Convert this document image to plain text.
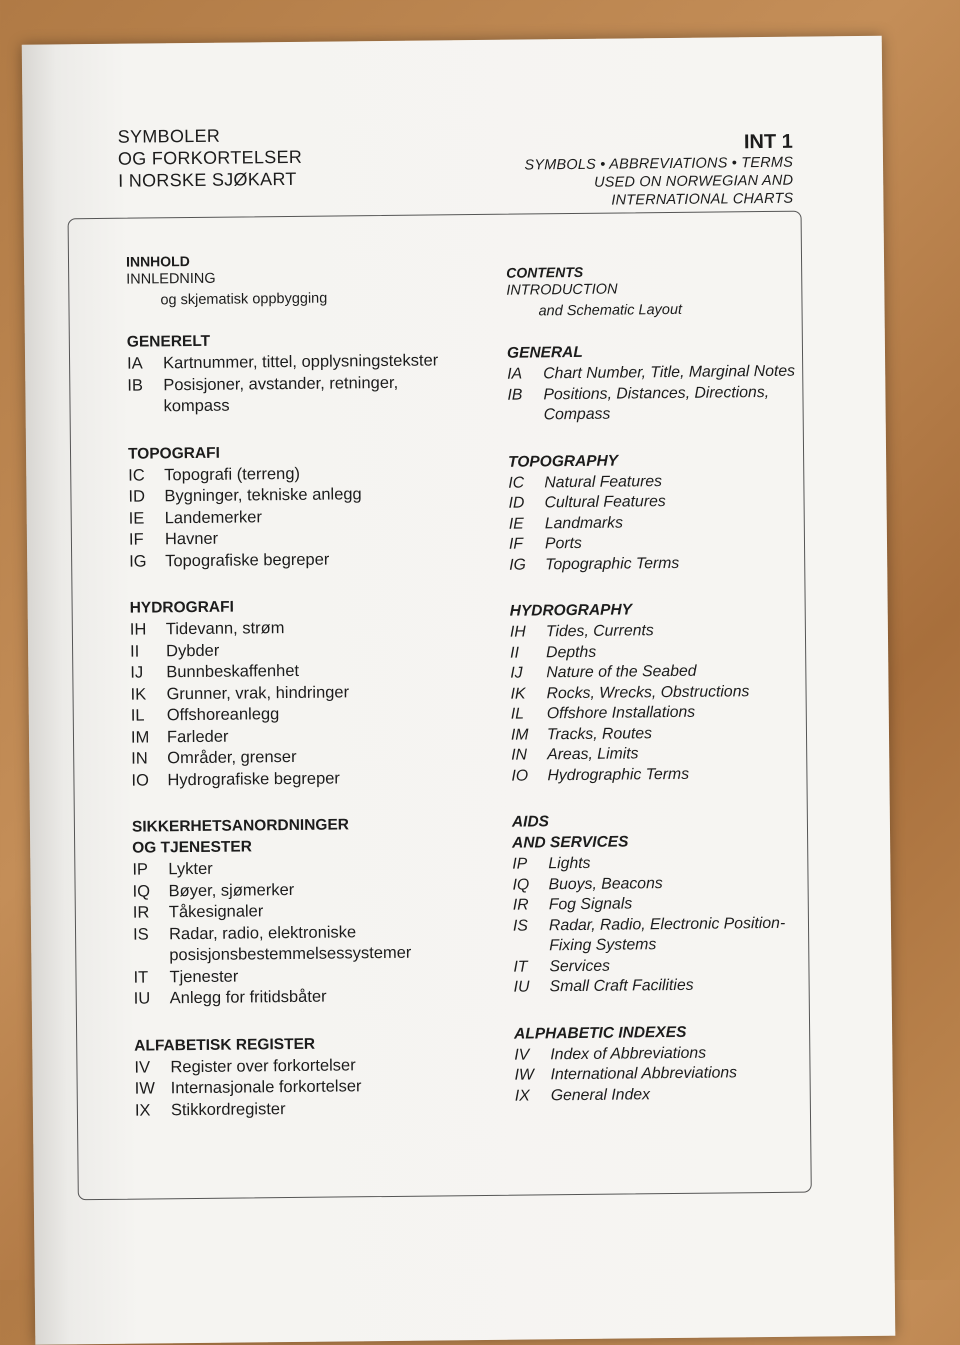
SYMBOLER
OG FORKORTELSER
I NORSKE SJØKART
INT 1
SYMBOLS • ABBREVIATIONS • TERMS
USED ON NORWEGIAN AND
INTERNATIONAL CHARTS
INNHOLD
INNLEDNING
og skjematisk oppbygging
GENERELT
IA	Kartnummer, tittel, opplysningstekster
IB	Posisjoner, avstander, retninger, kompass
TOPOGRAFI
IC	Topografi (terreng)
ID	Bygninger, tekniske anlegg
IE	Landemerker
IF	Havner
IG	Topografiske begreper
HYDROGRAFI
IH	Tidevann, strøm
II	Dybder
IJ	Bunnbeskaffenhet
IK	Grunner, vrak, hindringer
IL	Offshoreanlegg
IM	Farleder
IN	Områder, grenser
IO	Hydrografiske begreper
SIKKERHETSANORDNINGER
OG TJENESTER
IP	Lykter
IQ	Bøyer, sjømerker
IR	Tåkesignaler
IS	Radar, radio, elektroniske posisjonsbestemmelsessystemer
IT	Tjenester
IU	Anlegg for fritidsbåter
ALFABETISK REGISTER
IV	Register over forkortelser
IW Internasjonale forkortelser
IX	Stikkordregister
CONTENTS
INTRODUCTION
and Schematic Layout
GENERAL
IA	Chart Number, Title, Marginal Notes
IB	Positions, Distances, Directions, Compass
TOPOGRAPHY
IC	Natural Features
ID	Cultural Features
IE	Landmarks
IF	Ports
IG	Topographic Terms
HYDROGRAPHY
IH	Tides, Currents
II	Depths
IJ	Nature of the Seabed
IK	Rocks, Wrecks, Obstructions
IL	Offshore Installations
IM	Tracks, Routes
IN	Areas, Limits
IO	Hydrographic Terms
AIDS
AND SERVICES
IP	Lights
IQ	Buoys, Beacons
IR	Fog Signals
IS	Radar, Radio, Electronic Position-Fixing Systems
IT	Services
IU	Small Craft Facilities
ALPHABETIC INDEXES
IV	Index of Abbreviations
IW	International Abbreviations
IX	General Index
